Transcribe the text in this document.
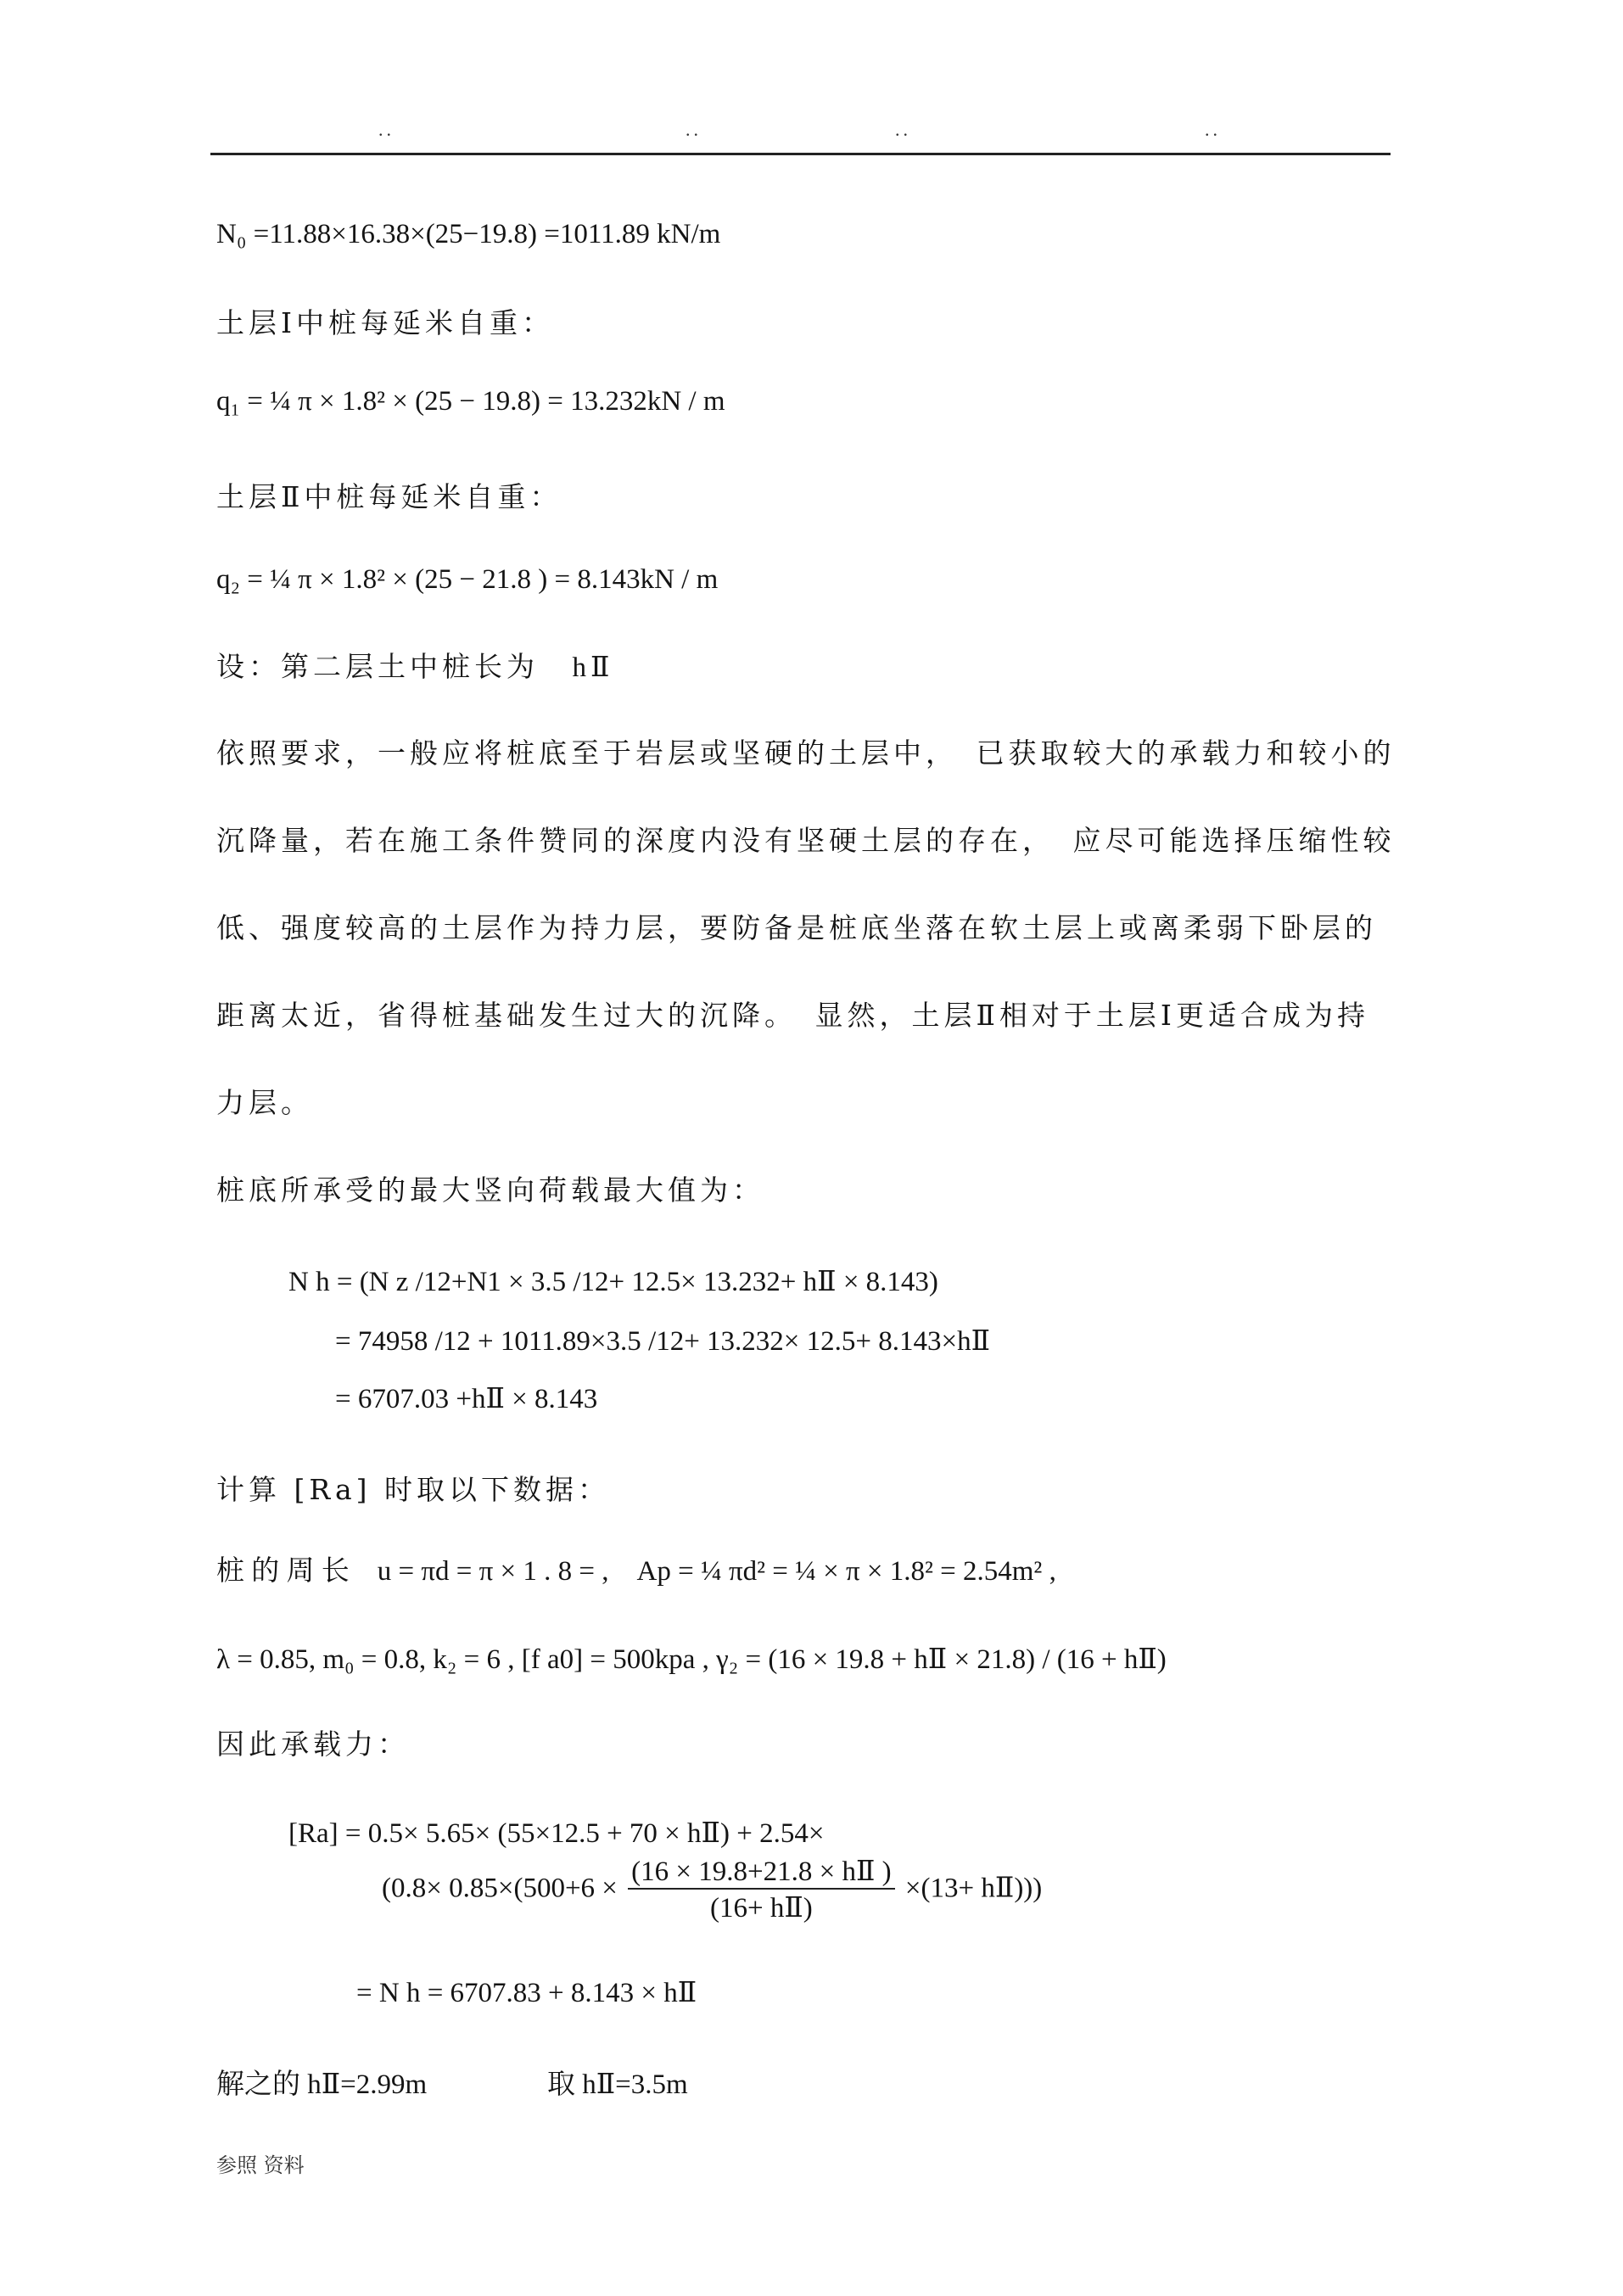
..	..	..	..
N₀ =11.88×16.38×(25−19.8) =1011.89 kN/m
土层Ⅰ中桩每延米自重：
q₁ = ¼ π × 1.8² × (25 − 19.8) = 13.232kN / m
土层Ⅱ中桩每延米自重：
q₂ = ¼ π × 1.8² × (25 − 21.8 ) = 8.143kN / m
设：第二层土中桩长为 hⅡ
依照要求，一般应将桩底至于岩层或坚硬的土层中，　已获取较大的承载力和较小的
沉降量，若在施工条件赞同的深度内没有坚硬土层的存在，　应尽可能选择压缩性较
低、强度较高的土层作为持力层，要防备是桩底坐落在软土层上或离柔弱下卧层的
距离太近，省得桩基础发生过大的沉降。　显然，土层Ⅱ相对于土层Ⅰ更适合成为持
力层。
桩底所承受的最大竖向荷载最大值为：
N h = (N z /12+N1 × 3.5 /12+ 12.5× 13.232+ hⅡ × 8.143)
= 74958 /12 + 1011.89×3.5 /12+ 13.232× 12.5+ 8.143×hⅡ
= 6707.03 +hⅡ × 8.143
计算 [Ra] 时取以下数据：
桩 的 周 长　u = πd = π × 1 . 8 = ,　Ap = ¼ πd² = ¼ × π × 1.8² = 2.54m² ,
λ = 0.85, m₀ = 0.8, k₂ = 6 , [f a0] = 500kpa , γ₂ = (16 × 19.8 + hⅡ × 21.8) / (16 + hⅡ)
因此承载力：
[Ra] = 0.5× 5.65× (55×12.5 + 70 × hⅡ) + 2.54×
($0.8\times 0.85\times(500+6 \times \frac{\text{(16 × 19.8+21.8 × hⅡ )}}{\text{(16+ hⅡ)}} \times(13+$ hⅡ)))
= N h = 6707.83 + 8.143 × hⅡ
解之的 hⅡ=2.99m	取 hⅡ=3.5m
参照 资料
